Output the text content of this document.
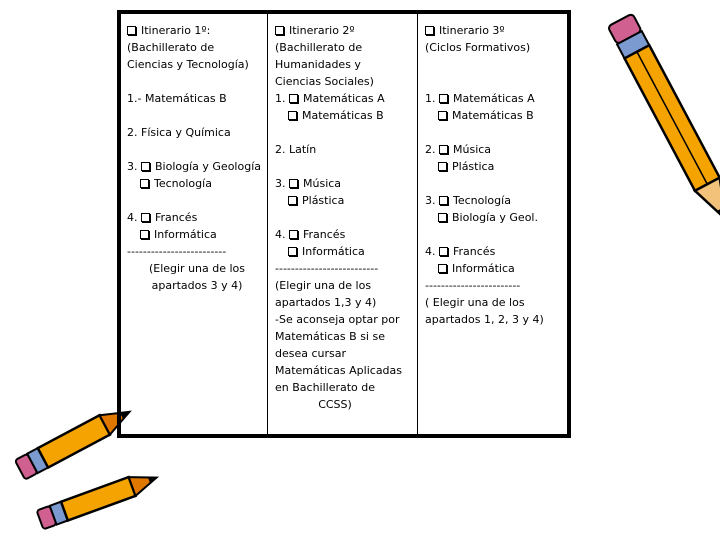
Itinerario 1º:
(Bachillerato de
Ciencias y Tecnología)
1.- Matemáticas B
2. Física y Química
3. Biología y Geología
Tecnología
4. Francés
Informática
-------------------------
(Elegir una de los
apartados 3 y 4)
Itinerario 2º
(Bachillerato de
Humanidades y
Ciencias Sociales)
1. Matemáticas A
Matemáticas B
2. Latín
3. Música
Plástica
4. Francés
Informática
--------------------------
(Elegir una de los
apartados 1,3 y 4)
-Se aconseja optar por
Matemáticas B si se
desea cursar
Matemáticas Aplicadas
en Bachillerato de
CCSS)
Itinerario 3º
(Ciclos Formativos)
1. Matemáticas A
Matemáticas B
2. Música
Plástica
3. Tecnología
Biología y Geol.
4. Francés
Informática
------------------------
( Elegir una de los
apartados 1, 2, 3 y 4)
